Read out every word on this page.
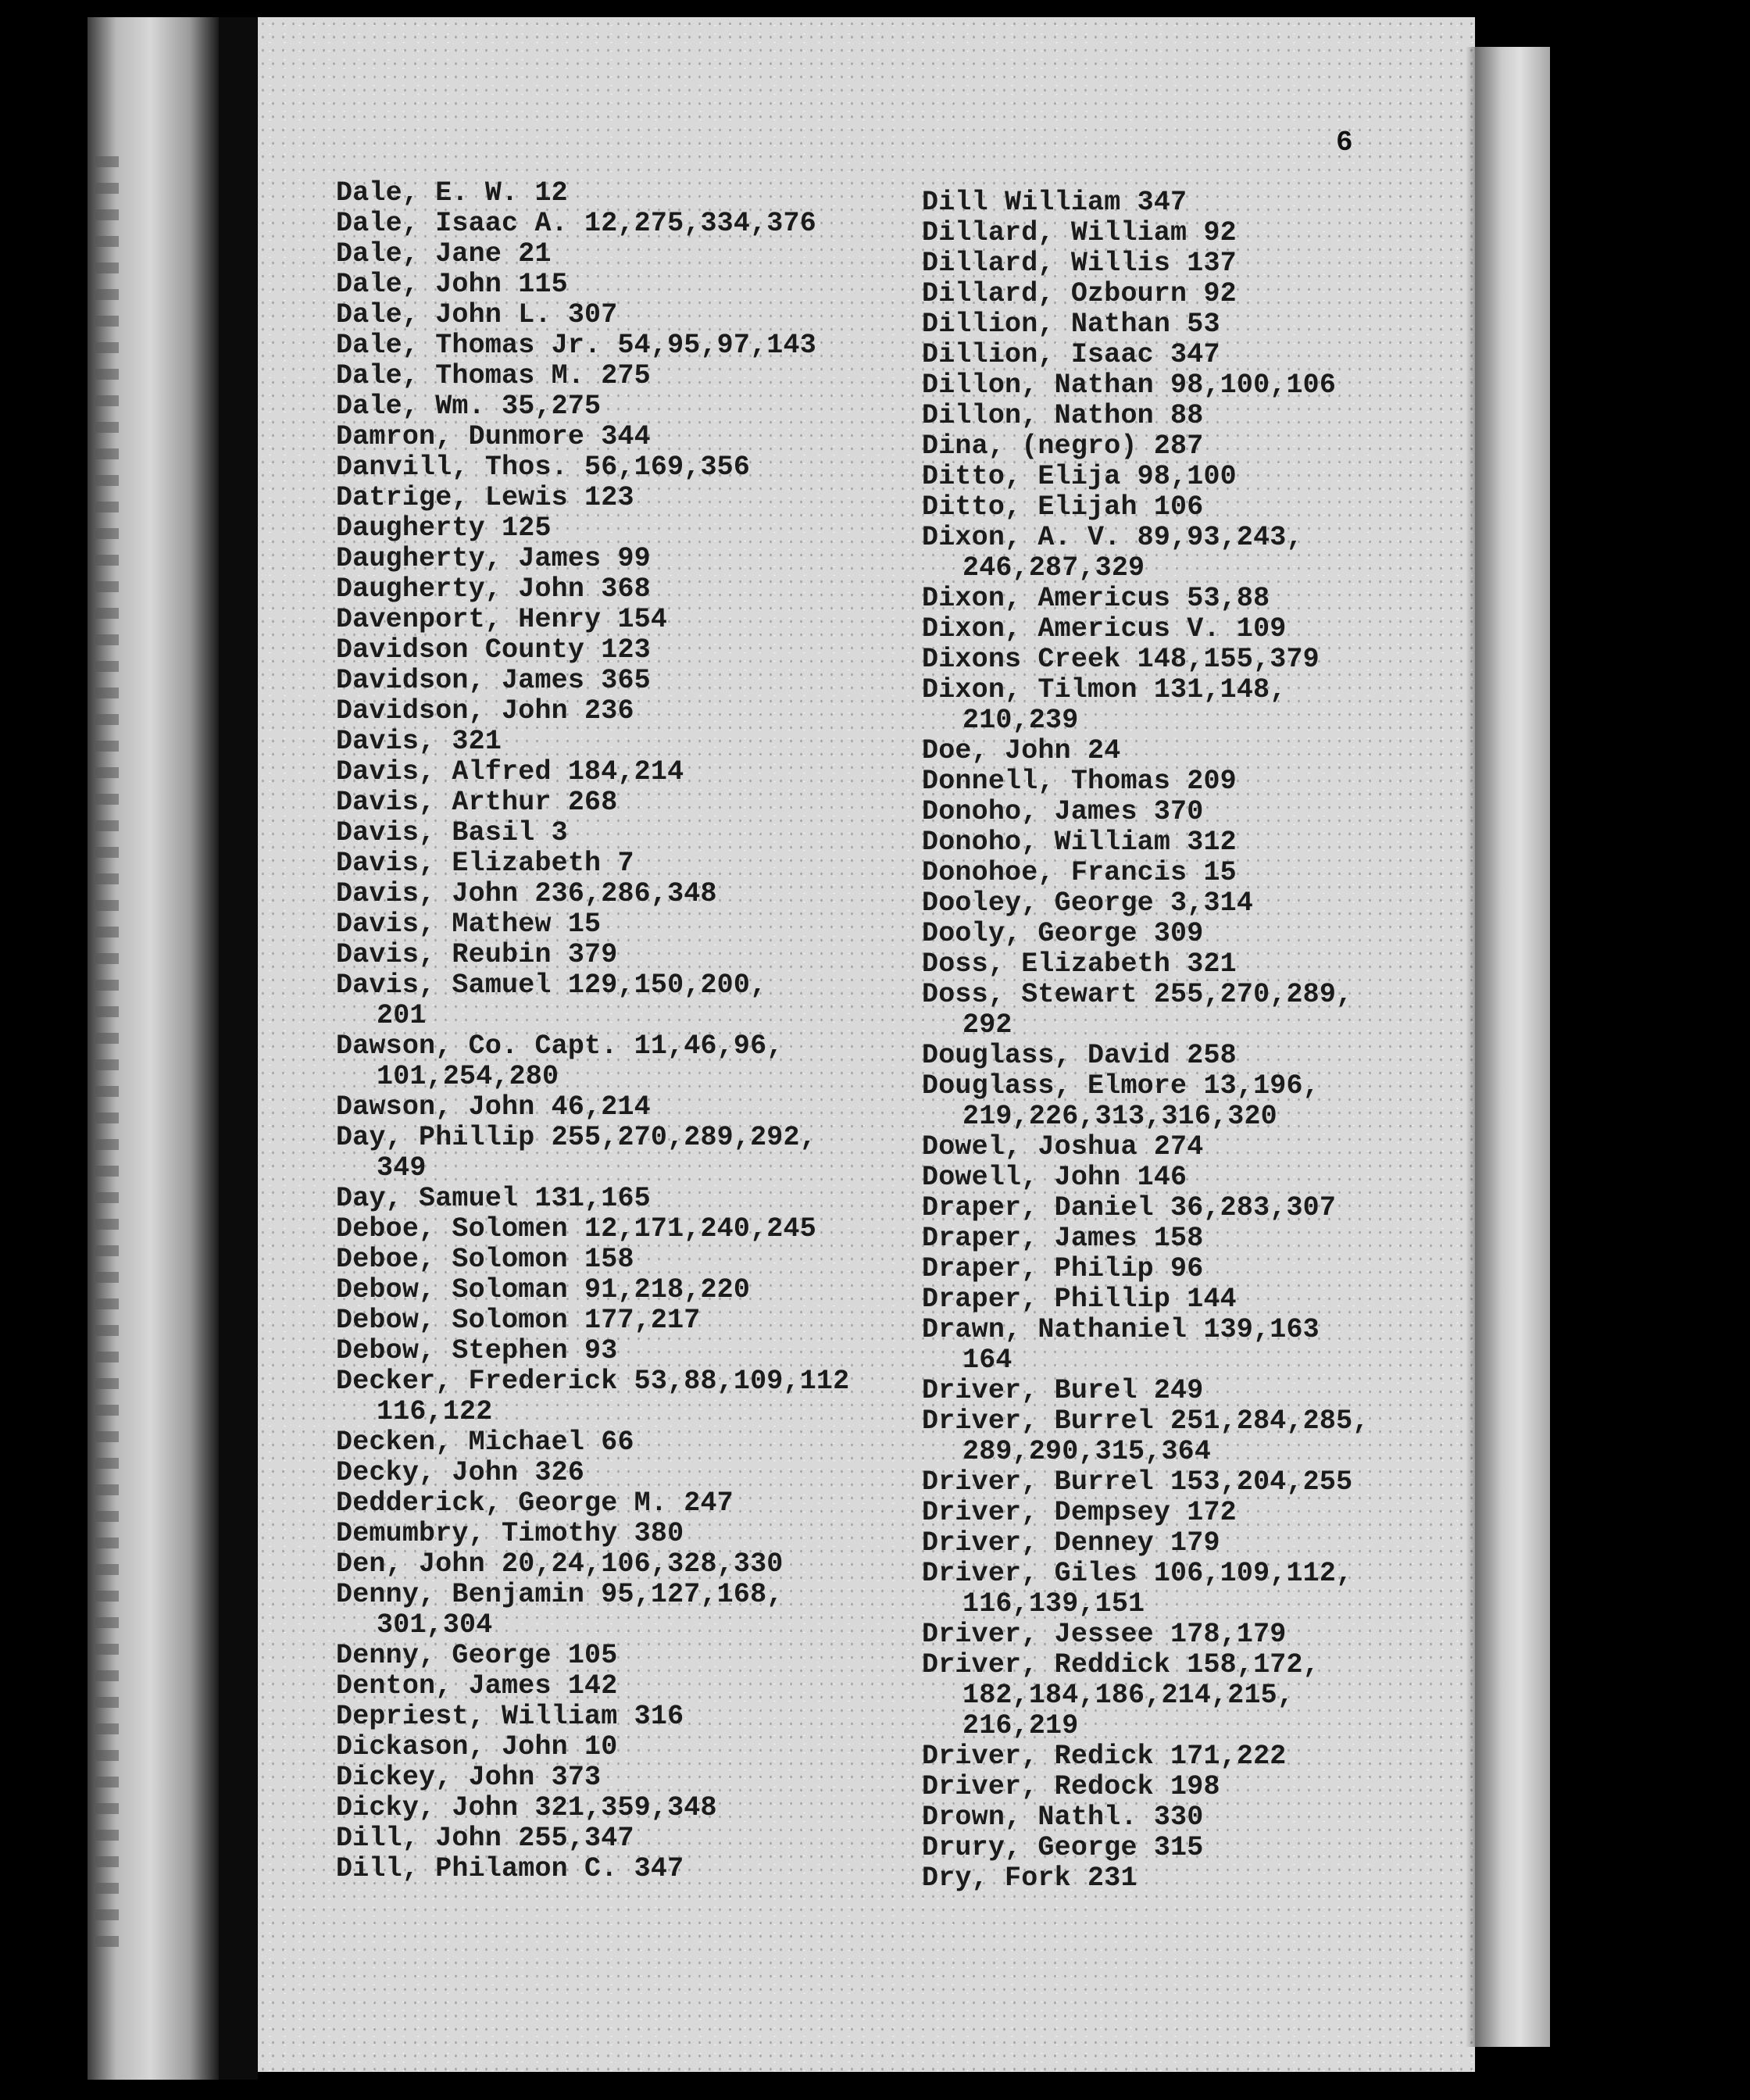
6
Dale, E. W. 12
Dale, Isaac A. 12,275,334,376
Dale, Jane 21
Dale, John 115
Dale, John L. 307
Dale, Thomas Jr. 54,95,97,143
Dale, Thomas M. 275
Dale, Wm. 35,275
Damron, Dunmore 344
Danvill, Thos. 56,169,356
Datrige, Lewis 123
Daugherty 125
Daugherty, James 99
Daugherty, John 368
Davenport, Henry 154
Davidson County 123
Davidson, James 365
Davidson, John 236
Davis, 321
Davis, Alfred 184,214
Davis, Arthur 268
Davis, Basil 3
Davis, Elizabeth 7
Davis, John 236,286,348
Davis, Mathew 15
Davis, Reubin 379
Davis, Samuel 129,150,200,
201
Dawson, Co. Capt. 11,46,96,
101,254,280
Dawson, John 46,214
Day, Phillip 255,270,289,292,
349
Day, Samuel 131,165
Deboe, Solomen 12,171,240,245
Deboe, Solomon 158
Debow, Soloman 91,218,220
Debow, Solomon 177,217
Debow, Stephen 93
Decker, Frederick 53,88,109,112
116,122
Decken, Michael 66
Decky, John 326
Dedderick, George M. 247
Demumbry, Timothy 380
Den, John 20,24,106,328,330
Denny, Benjamin 95,127,168,
301,304
Denny, George 105
Denton, James 142
Depriest, William 316
Dickason, John 10
Dickey, John 373
Dicky, John 321,359,348
Dill, John 255,347
Dill, Philamon C. 347
Dill William 347
Dillard, William 92
Dillard, Willis 137
Dillard, Ozbourn 92
Dillion, Nathan 53
Dillion, Isaac 347
Dillon, Nathan 98,100,106
Dillon, Nathon 88
Dina, (negro) 287
Ditto, Elija 98,100
Ditto, Elijah 106
Dixon, A. V. 89,93,243,
246,287,329
Dixon, Americus 53,88
Dixon, Americus V. 109
Dixons Creek 148,155,379
Dixon, Tilmon 131,148,
210,239
Doe, John 24
Donnell, Thomas 209
Donoho, James 370
Donoho, William 312
Donohoe, Francis 15
Dooley, George 3,314
Dooly, George 309
Doss, Elizabeth 321
Doss, Stewart 255,270,289,
292
Douglass, David 258
Douglass, Elmore 13,196,
219,226,313,316,320
Dowel, Joshua 274
Dowell, John 146
Draper, Daniel 36,283,307
Draper, James 158
Draper, Philip 96
Draper, Phillip 144
Drawn, Nathaniel 139,163
164
Driver, Burel 249
Driver, Burrel 251,284,285,
289,290,315,364
Driver, Burrel 153,204,255
Driver, Dempsey 172
Driver, Denney 179
Driver, Giles 106,109,112,
116,139,151
Driver, Jessee 178,179
Driver, Reddick 158,172,
182,184,186,214,215,
216,219
Driver, Redick 171,222
Driver, Redock 198
Drown, Nathl. 330
Drury, George 315
Dry, Fork 231
